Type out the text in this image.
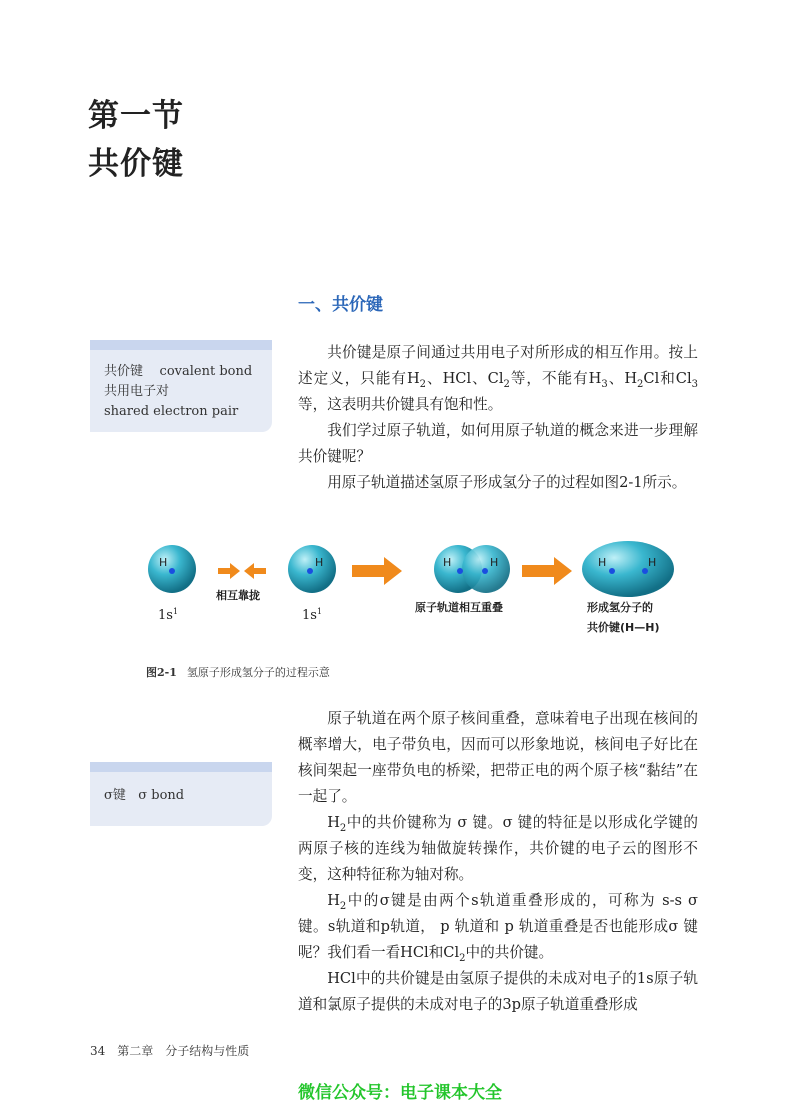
第一节
共价键
一、共价键
共价键 covalent bond
共用电子对
shared electron pair

共价键是原子间通过共用电子对所形成的相互作用。按上述定义，只能有$H_2$、HCl、$Cl_2$等，不能有$H_3$、$H_2Cl$和$Cl_3$等，这表明共价键具有饱和性。

我们学过原子轨道，如何用原子轨道的概念来进一步理解共价键呢？

用原子轨道描述氢原子形成氢分子的过程如图2-1所示。

H
$1s^1$
相互靠拢
H
$1s^1$
H	H
原子轨道相互重叠
H	H
形成氢分子的
共价键(H—H)
图2-1 氢原子形成氢分子的过程示意
σ键 σ bond

原子轨道在两个原子核间重叠，意味着电子出现在核间的概率增大，电子带负电，因而可以形象地说，核间电子好比在核间架起一座带负电的桥梁，把带正电的两个原子核“黏结”在一起了。

$H_2$中的共价键称为 σ 键。σ 键的特征是以形成化学键的两原子核的连线为轴做旋转操作，共价键的电子云的图形不变，这种特征称为轴对称。

$H_2$中的σ键是由两个s轨道重叠形成的，可称为 s-s σ 键。s轨道和p轨道， p 轨道和 p 轨道重叠是否也能形成σ 键呢？我们看一看HCl和$Cl_2$中的共价键。

HCl中的共价键是由氢原子提供的未成对电子的1s原子轨道和氯原子提供的未成对电子的3p原子轨道重叠形成

34 第二章　分子结构与性质
微信公众号：电子课本大全
